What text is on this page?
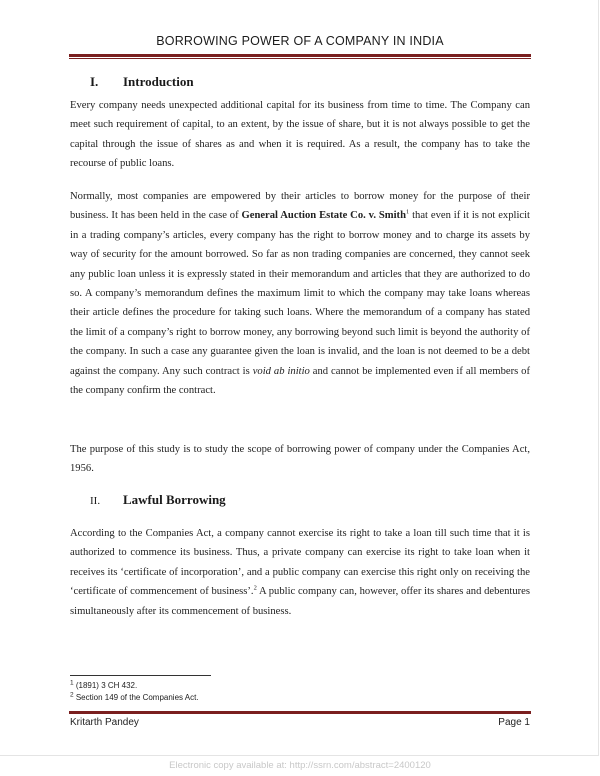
BORROWING POWER OF A COMPANY IN INDIA
I. Introduction

Every company needs unexpected additional capital for its business from time to time. The Company can meet such requirement of capital, to an extent, by the issue of share, but it is not always possible to get the capital through the issue of shares as and when it is required. As a result, the company has to take the recourse of public loans.

Normally, most companies are empowered by their articles to borrow money for the purpose of their business. It has been held in the case of General Auction Estate Co. v. Smith$^1$ that even if it is not explicit in a trading company’s articles, every company has the right to borrow money and to charge its assets by way of security for the amount borrowed. So far as non trading companies are concerned, they cannot seek any public loan unless it is expressly stated in their memorandum and articles that they are authorized to do so. A company’s memorandum defines the maximum limit to which the company may take loans whereas their article defines the procedure for taking such loans. Where the memorandum of a company has stated the limit of a company’s right to borrow money, any borrowing beyond such limit is beyond the authority of the company. In such a case any guarantee given the loan is invalid, and the loan is not deemed to be a debt against the company. Any such contract is void ab initio and cannot be implemented even if all members of the company confirm the contract.

The purpose of this study is to study the scope of borrowing power of company under the Companies Act, 1956.

II. Lawful Borrowing

According to the Companies Act, a company cannot exercise its right to take a loan till such time that it is authorized to commence its business. Thus, a private company can exercise its right to take loan when it receives its ‘certificate of incorporation’, and a public company can exercise this right only on receiving the ‘certificate of commencement of business’.$^2$ A public company can, however, offer its shares and debentures simultaneously after its commencement of business.

$^1$ (1891) 3 CH 432.
$^2$ Section 149 of the Companies Act.
Kritarth Pandey	Page 1
Electronic copy available at: http://ssrn.com/abstract=2400120
